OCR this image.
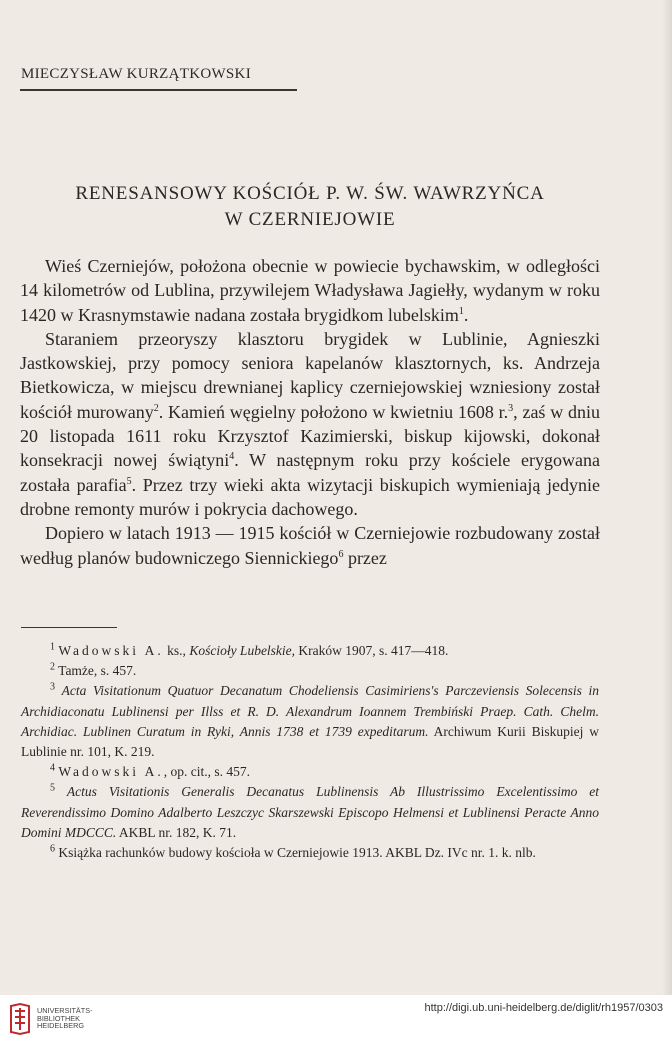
MIECZYSŁAW KURZĄTKOWSKI
RENESANSOWY KOŚCIÓŁ P. W. ŚW. WAWRZYŃCA
W CZERNIEJOWIE

Wieś Czerniejów, położona obecnie w powiecie bychawskim, w odległości 14 kilometrów od Lublina, przywilejem Władysława Jagiełły, wydanym w roku 1420 w Krasnymstawie nadana została brygidkom lubelskim$^1$.

Staraniem przeoryszy klasztoru brygidek w Lublinie, Agnieszki Jastkowskiej, przy pomocy seniora kapelanów klasztornych, ks. Andrzeja Bietkowicza, w miejscu drewnianej kaplicy czerniejowskiej wzniesiony został kościół murowany$^2$. Kamień węgielny położono w kwietniu 1608 r.$^3$, zaś w dniu 20 listopada 1611 roku Krzysztof Kazimierski, biskup kijowski, dokonał konsekracji nowej świątyni$^4$. W następnym roku przy kościele erygowana została parafia$^5$. Przez trzy wieki akta wizytacji biskupich wymieniają jedynie drobne remonty murów i pokrycia dachowego.

Dopiero w latach 1913 — 1915 kościół w Czerniejowie rozbudowany został według planów budowniczego Siennickiego$^6$ przez

$^1$ Wadowski A. ks., Kościoły Lubelskie, Kraków 1907, s. 417—418.

$^2$ Tamże, s. 457.

$^3$ Acta Visitationum Quatuor Decanatum Chodeliensis Casimiriens's Parczeviensis Solecensis in Archidiaconatu Lublinensi per Illss et R. D. Alexandrum Ioannem Trembiński Praep. Cath. Chelm. Archidiac. Lublinen Curatum in Ryki, Annis 1738 et 1739 expeditarum. Archiwum Kurii Biskupiej w Lublinie nr. 101, K. 219.

$^4$ Wadowski A., op. cit., s. 457.

$^5$ Actus Visitationis Generalis Decanatus Lublinensis Ab Illustrissimo Excelentissimo et Reverendissimo Domino Adalberto Leszczyc Skarszewski Episcopo Helmensi et Lublinensi Peracte Anno Domini MDCCC. AKBL nr. 182, K. 71.

$^6$ Książka rachunków budowy kościoła w Czerniejowie 1913. AKBL Dz. IVc nr. 1. k. nlb.

UNIVERSITÄTS-
BIBLIOTHEK
HEIDELBERG
http://digi.ub.uni-heidelberg.de/diglit/rh1957/0303
